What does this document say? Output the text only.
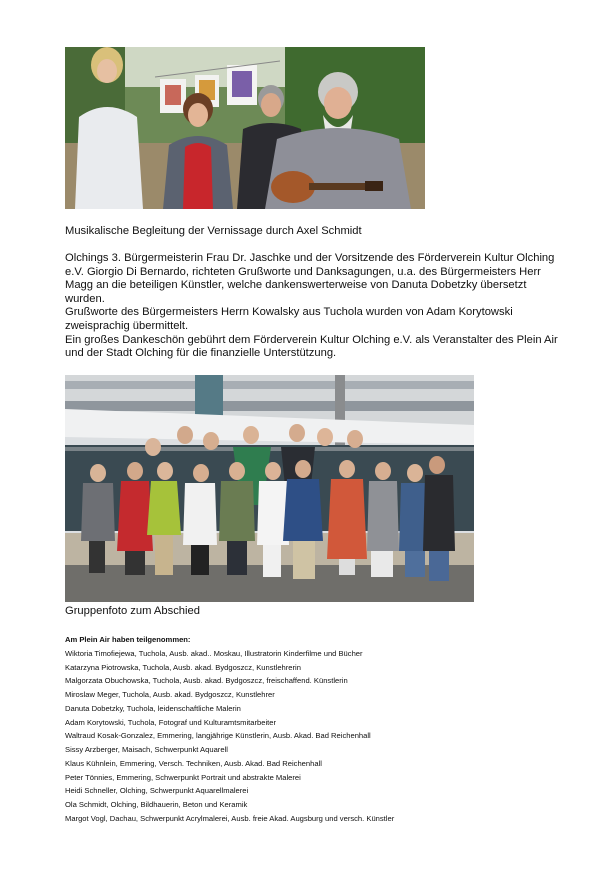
Musikalische Begleitung der Vernissage durch Axel Schmidt

Olchings 3. Bürgermeisterin Frau Dr. Jaschke und der Vorsitzende des Förderverein Kultur Olching e.V. Giorgio Di Bernardo, richteten Grußworte und Danksagungen, u.a. des Bürgermeisters Herr Magg an die beteiligen Künstler, welche dankenswerterweise von Danuta Dobetzky übersetzt wurden.

Grußworte des Bürgermeisters Herrn Kowalsky aus Tuchola wurden von Adam Korytowski zweisprachig übermittelt.

Ein großes Dankeschön gebührt dem Förderverein Kultur Olching e.V. als Veranstalter des Plein Air und der Stadt Olching für die finanzielle Unterstützung.

Gruppenfoto zum Abschied
Am Plein Air haben teilgenommen:
Wiktoria Timofiejewa, Tuchola, Ausb. akad.. Moskau, Illustratorin Kinderfilme und Bücher
Katarzyna Piotrowska, Tuchola, Ausb. akad. Bydgoszcz, Kunstlehrerin
Malgorzata Obuchowska, Tuchola, Ausb. akad. Bydgoszcz, freischaffend. Künstlerin
Miroslaw Meger, Tuchola, Ausb. akad. Bydgoszcz, Kunstlehrer
Danuta Dobetzky, Tuchola, leidenschaftliche Malerin
Adam Korytowski, Tuchola, Fotograf und Kulturamtsmitarbeiter
Waltraud Kosak-Gonzalez, Emmering, langjährige Künstlerin, Ausb. Akad. Bad Reichenhall
Sissy Arzberger, Maisach, Schwerpunkt Aquarell
Klaus Kühnlein, Emmering, Versch. Techniken, Ausb. Akad. Bad Reichenhall
Peter Tönnies, Emmering, Schwerpunkt Portrait und abstrakte Malerei
Heidi Schneller, Olching, Schwerpunkt Aquarellmalerei
Ola Schmidt, Olching, Bildhauerin, Beton und Keramik
Margot Vogl, Dachau, Schwerpunkt Acrylmalerei, Ausb. freie Akad. Augsburg und versch. Künstler
